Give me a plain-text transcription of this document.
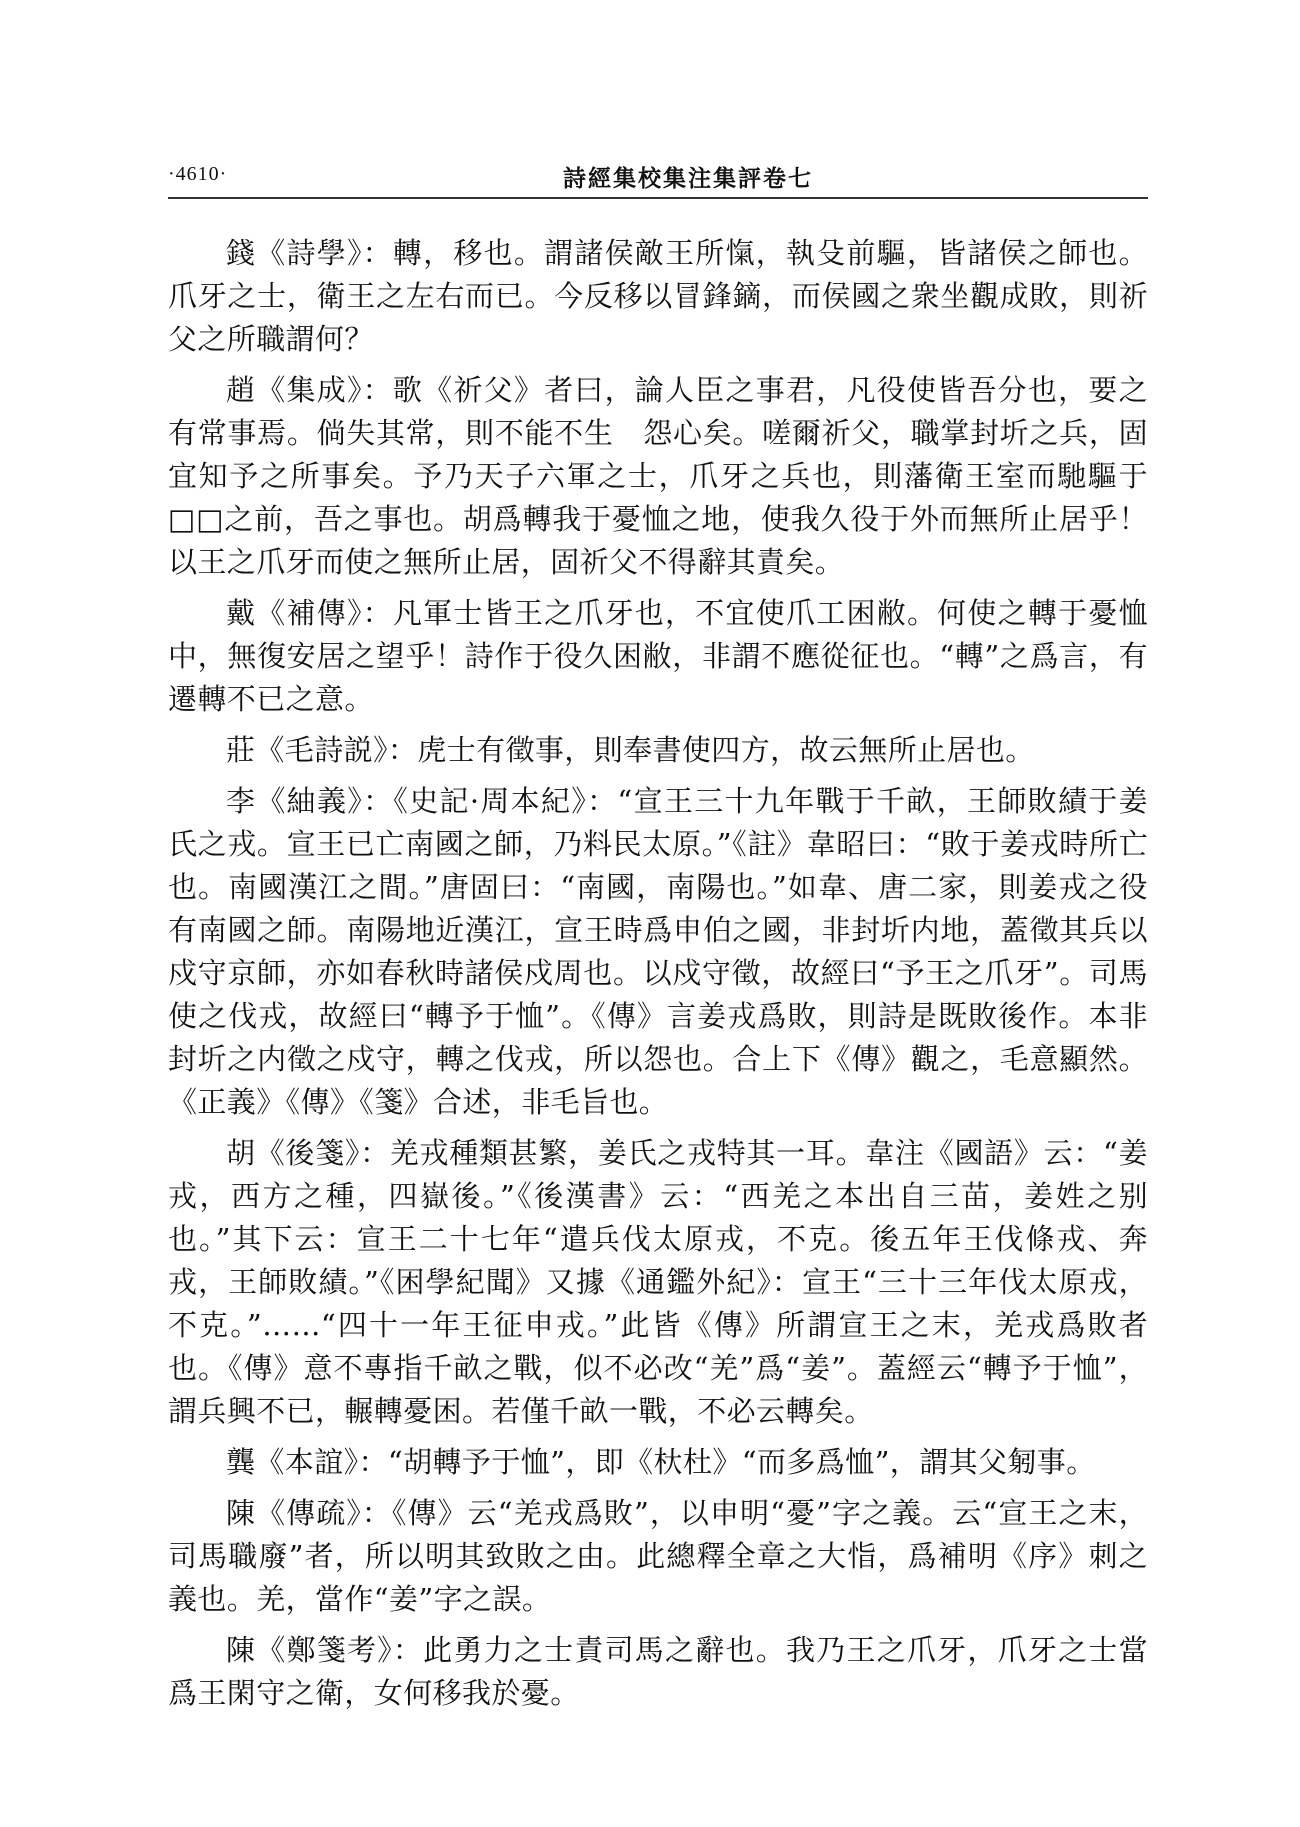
·4610·	詩經集校集注集評卷七

錢《詩學》：轉，移也。謂諸侯敵王所愾，執殳前驅，皆諸侯之師也。爪牙之士，衛王之左右而已。今反移以冒鋒鏑，而侯國之衆坐觀成敗，則祈父之所職謂何？

趙《集成》：歌《祈父》者曰，論人臣之事君，凡役使皆吾分也，要之有常事焉。倘失其常，則不能不生　怨心矣。嗟爾祈父，職掌封圻之兵，固宜知予之所事矣。予乃天子六軍之士，爪牙之兵也，則藩衛王室而馳驅于□□之前，吾之事也。胡爲轉我于憂恤之地，使我久役于外而無所止居乎！以王之爪牙而使之無所止居，固祈父不得辭其責矣。

戴《補傳》：凡軍士皆王之爪牙也，不宜使爪工困敝。何使之轉于憂恤中，無復安居之望乎！詩作于役久困敝，非謂不應從征也。“轉”之爲言，有遷轉不已之意。

莊《毛詩説》：虎士有徵事，則奉書使四方，故云無所止居也。

李《紬義》：《史記·周本紀》：“宣王三十九年戰于千畝，王師敗績于姜氏之戎。宣王已亡南國之師，乃料民太原。”《註》韋昭曰：“敗于姜戎時所亡也。南國漢江之間。”唐固曰：“南國，南陽也。”如韋、唐二家，則姜戎之役有南國之師。南陽地近漢江，宣王時爲申伯之國，非封圻内地，蓋徵其兵以戍守京師，亦如春秋時諸侯戍周也。以戍守徵，故經曰“予王之爪牙”。司馬使之伐戎，故經曰“轉予于恤”。《傳》言姜戎爲敗，則詩是既敗後作。本非封圻之内徵之戍守，轉之伐戎，所以怨也。合上下《傳》觀之，毛意顯然。《正義》《傳》《箋》合述，非毛旨也。

胡《後箋》：羌戎種類甚繁，姜氏之戎特其一耳。韋注《國語》云：“姜戎，西方之種，四嶽後。”《後漢書》云：“西羌之本出自三苗，姜姓之别也。”其下云：宣王二十七年“遣兵伐太原戎，不克。後五年王伐條戎、奔戎，王師敗績。”《困學紀聞》又據《通鑑外紀》：宣王“三十三年伐太原戎，不克。”……“四十一年王征申戎。”此皆《傳》所謂宣王之末，羌戎爲敗者也。《傳》意不專指千畝之戰，似不必改“羌”爲“姜”。蓋經云“轉予于恤”，謂兵興不已，輾轉憂困。若僅千畝一戰，不必云轉矣。

龔《本誼》：“胡轉予于恤”，即《杕杜》“而多爲恤”，謂其父匑事。

陳《傳疏》：《傳》云“羌戎爲敗”，以申明“憂”字之義。云“宣王之末，司馬職廢”者，所以明其致敗之由。此總釋全章之大恉，爲補明《序》刺之義也。羌，當作“姜”字之誤。

陳《鄭箋考》：此勇力之士責司馬之辭也。我乃王之爪牙，爪牙之士當爲王閑守之衛，女何移我於憂。
